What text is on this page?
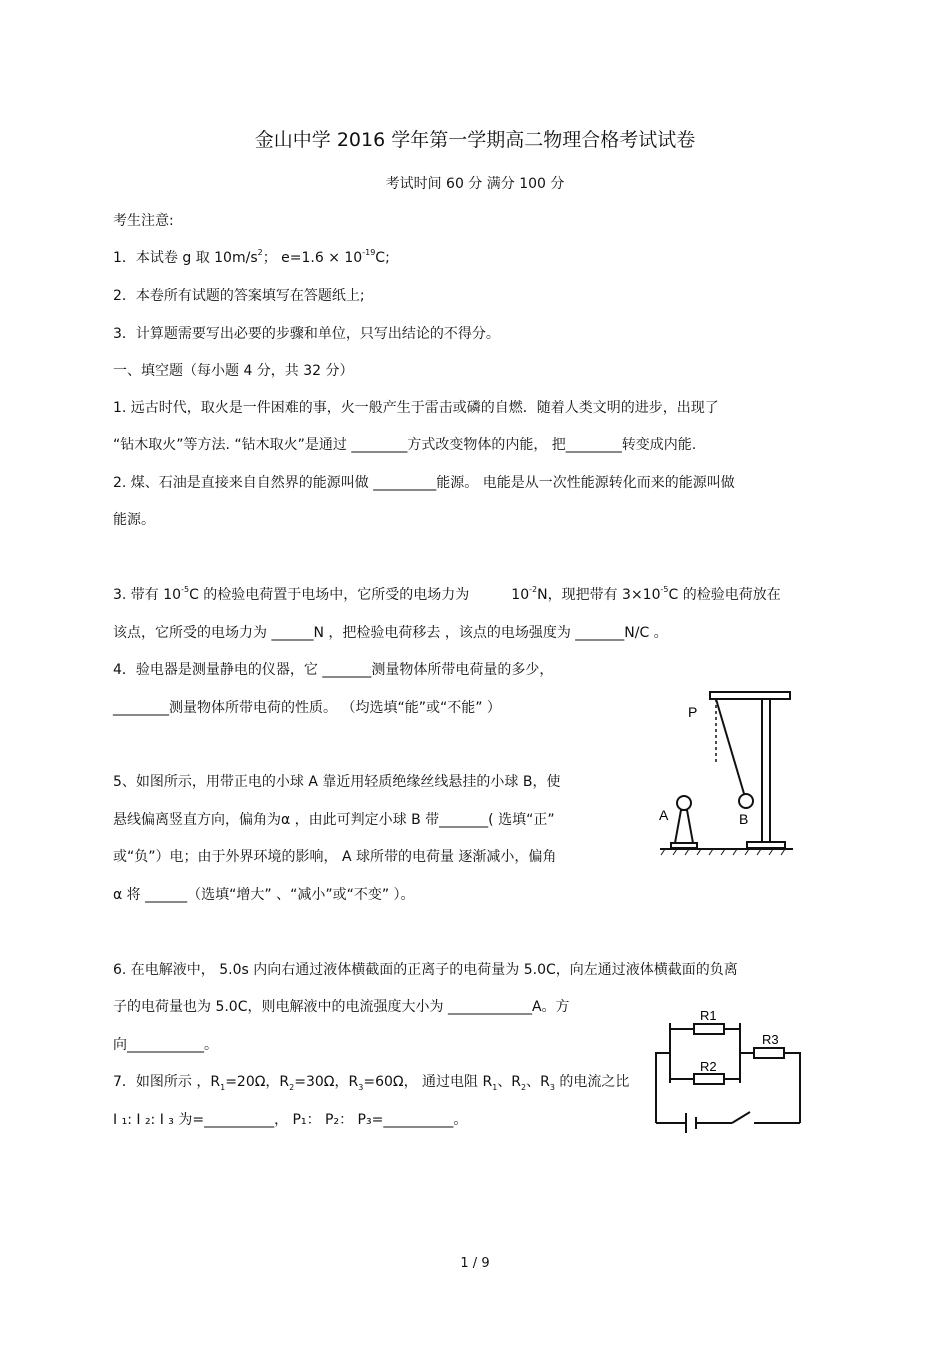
金山中学 2016 学年第一学期高二物理合格考试试卷
考试时间 60 分 满分 100 分
考生注意:
1．本试卷 g 取 $10m/s^2$； $e=1.6 \times 10^{-19}C$;
2．本卷所有试题的答案填写在答题纸上;
3．计算题需要写出必要的步骤和单位，只写出结论的不得分。
一、填空题（每小题 4 分，共 32 分）
1. 远古时代，取火是一件困难的事，火一般产生于雷击或磷的自燃．随着人类文明的进步，出现了
“钻木取火”等方法. “钻木取火”是通过 ________方式改变物体的内能， 把________转变成内能.
2. 煤、石油是直接来自自然界的能源叫做 _________能源。 电能是从一次性能源转化而来的能源叫做
能源。
3. 带有 $10^{-5}C$ 的检验电荷置于电场中，它所受的电场力为	$10^{-2}N$，现把带有 $3\times 10^{-5}C$ 的检验电荷放在
该点，它所受的电场力为 ______N ，把检验电荷移去 ，该点的电场强度为 _______N/C 。
4．验电器是测量静电的仪器，它 _______测量物体所带电荷量的多少，
________测量物体所带电荷的性质。 （均选填“能”或“不能” ）
5、如图所示，用带正电的小球 A 靠近用轻质绝缘丝线悬挂的小球 B，使
悬线偏离竖直方向，偏角为α ，由此可判定小球 B 带_______( 选填“正”
或“负”）电；由于外界环境的影响， A 球所带的电荷量 逐渐减小，偏角
α 将 ______（选填“增大” 、“减小”或“不变” ）。
P
A	B
6. 在电解液中， 5.0s 内向右通过液体横截面的正离子的电荷量为 5.0C，向左通过液体横截面的负离
子的电荷量也为 5.0C，则电解液中的电流强度大小为 ____________A。方
向___________。
7．如图所示 ，$R_1=20\Omega$，$R_2=30\Omega$，$R_3=60\Omega$， 通过电阻 $R_1$、$R_2$、$R_3$ 的电流之比
I ₁: I ₂: I ₃ 为=__________， P₁： P₂： P₃=__________。
R1
R2
R3
1 / 9
